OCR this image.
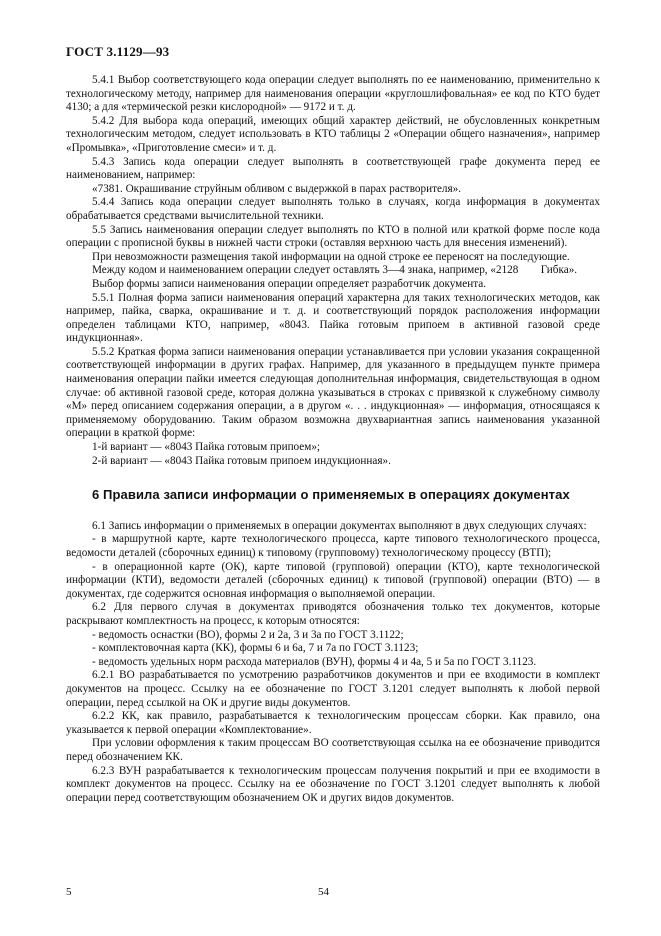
ГОСТ 3.1129—93

5.4.1 Выбор соответствующего кода операции следует выполнять по ее наименованию, применительно к технологическому методу, например для наименования операции «круглошлифовальная» ее код по КТО будет 4130; а для «термической резки кислородной» — 9172 и т. д.

5.4.2 Для выбора кода операций, имеющих общий характер действий, не обусловленных конкретным технологическим методом, следует использовать в КТО таблицы 2 «Операции общего назначения», например «Промывка», «Приготовление смеси» и т. д.

5.4.3 Запись кода операции следует выполнять в соответствующей графе документа перед ее наименованием, например:

«7381. Окрашивание струйным обливом с выдержкой в парах растворителя».

5.4.4 Запись кода операции следует выполнять только в случаях, когда информация в документах обрабатывается средствами вычислительной техники.

5.5 Запись наименования операции следует выполнять по КТО в полной или краткой форме после кода операции с прописной буквы в нижней части строки (оставляя верхнюю часть для внесения изменений).

При невозможности размещения такой информации на одной строке ее переносят на последующие.

Между кодом и наименованием операции следует оставлять 3—4 знака, например, «2128        Гибка».

Выбор формы записи наименования операции определяет разработчик документа.

5.5.1 Полная форма записи наименования операций характерна для таких технологических методов, как например, пайка, сварка, окрашивание и т. д. и соответствующий порядок расположения информации определен таблицами КТО, например, «8043. Пайка готовым припоем в активной газовой среде индукционная».

5.5.2 Краткая форма записи наименования операции устанавливается при условии указания сокращенной соответствующей информации в других графах. Например, для указанного в предыдущем пункте примера наименования операции пайки имеется следующая дополнительная информация, свидетельствующая в одном случае: об активной газовой среде, которая должна указываться в строках с привязкой к служебному символу «М» перед описанием содержания операции, а в другом «. . . индукционная» — информация, относящаяся к применяемому оборудованию. Таким образом возможна двухвариантная запись наименования указанной операции в краткой форме:

1-й вариант — «8043 Пайка готовым припоем»;

2-й вариант — «8043 Пайка готовым припоем индукционная».

6 Правила записи информации о применяемых в операциях документах

6.1 Запись информации о применяемых в операции документах выполняют в двух следующих случаях:

- в маршрутной карте, карте технологического процесса, карте типового технологического процесса, ведомости деталей (сборочных единиц) к типовому (групповому) технологическому процессу (ВТП);

- в операционной карте (ОК), карте типовой (групповой) операции (КТО), карте технологической информации (КТИ), ведомости деталей (сборочных единиц) к типовой (групповой) операции (ВТО) — в документах, где содержится основная информация о выполняемой операции.

6.2 Для первого случая в документах приводятся обозначения только тех документов, которые раскрывают комплектность на процесс, к которым относятся:

- ведомость оснастки (ВО), формы 2 и 2а, 3 и 3а по ГОСТ 3.1122;

- комплектовочная карта (КК), формы 6 и 6а, 7 и 7а по ГОСТ 3.1123;

- ведомость удельных норм расхода материалов (ВУН), формы 4 и 4а, 5 и 5а по ГОСТ 3.1123.

6.2.1 ВО разрабатывается по усмотрению разработчиков документов и при ее входимости в комплект документов на процесс. Ссылку на ее обозначение по ГОСТ 3.1201 следует выполнять к любой первой операции, перед ссылкой на ОК и другие виды документов.

6.2.2 КК, как правило, разрабатывается к технологическим процессам сборки. Как правило, она указывается к первой операции «Комплектование».

При условии оформления к таким процессам ВО соответствующая ссылка на ее обозначение приводится перед обозначением КК.

6.2.3 ВУН разрабатывается к технологическим процессам получения покрытий и при ее входимости в комплект документов на процесс. Ссылку на ее обозначение по ГОСТ 3.1201 следует выполнять к любой операции перед соответствующим обозначением ОК и других видов документов.

5	54
